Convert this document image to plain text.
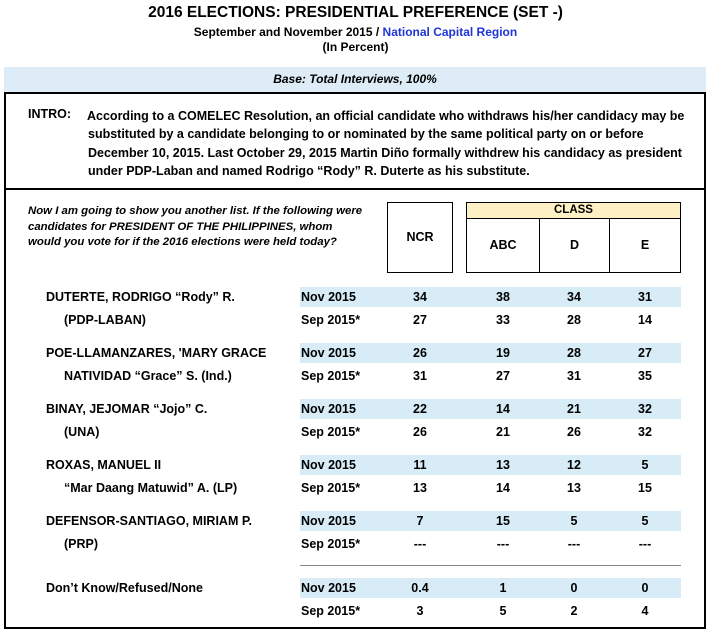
2016 ELECTIONS: PRESIDENTIAL PREFERENCE (SET -)
September and November 2015 / National Capital Region
(In Percent)
Base: Total Interviews, 100%
INTRO: According to a COMELEC Resolution, an official candidate who withdraws his/her candidacy may be substituted by a candidate belonging to or nominated by the same political party on or before December 10, 2015. Last October 29, 2015 Martin Diño formally withdrew his candidacy as president under PDP-Laban and named Rodrigo “Rody” R. Duterte as his substitute.
Now I am going to show you another list. If the following were candidates for PRESIDENT OF THE PHILIPPINES, whom would you vote for if the 2016 elections were held today?	NCR
CLASS
ABC	D	E
DUTERTE, RODRIGO “Rody” R.
(PDP-LABAN)
Nov 2015	34	38	34	31
Sep 2015*	27	33	28	14
POE-LLAMANZARES, 'MARY GRACE
NATIVIDAD “Grace” S. (Ind.)
Nov 2015	26	19	28	27
Sep 2015*	31	27	31	35
BINAY, JEJOMAR “Jojo” C.
(UNA)
Nov 2015	22	14	21	32
Sep 2015*	26	21	26	32
ROXAS, MANUEL II
“Mar Daang Matuwid” A. (LP)
Nov 2015	11	13	12	5
Sep 2015*	13	14	13	15
DEFENSOR-SANTIAGO, MIRIAM P.
(PRP)
Nov 2015	7	15	5	5
Sep 2015*	---	---	---	---
Don’t Know/Refused/None	Nov 2015	0.4	1	0	0
Sep 2015*	3	5	2	4
